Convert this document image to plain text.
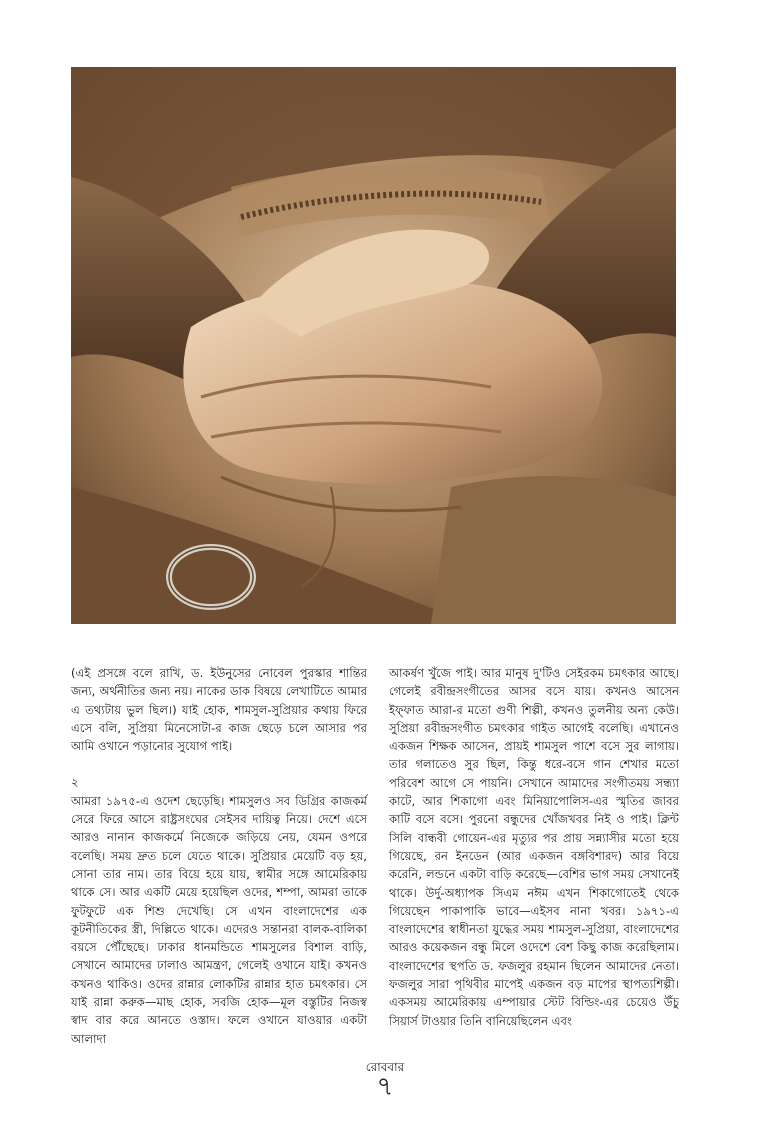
(এই প্রসঙ্গে বলে রাখি, ড. ইউনুসের নোবেল পুরস্কার শান্তির জন্য, অর্থনীতির জন্য নয়। নাকের ডাক বিষয়ে লেখাটিতে আমার এ তথ্যটায় ভুল ছিল।) যাই হোক, শামসুল-সুপ্রিয়ার কথায় ফিরে এসে বলি, সুপ্রিয়া মিনেসোটা-র কাজ ছেড়ে চলে আসার পর আমি ওখানে পড়ানোর সুযোগ পাই।

২

আমরা ১৯৭৫-এ ওদেশ ছেড়েছি। শামসুলও সব ডিগ্রির কাজকর্ম সেরে ফিরে আসে রাষ্ট্রসংঘের সেইসব দায়িত্ব নিয়ে। দেশে এসে আরও নানান কাজকর্মে নিজেকে জড়িয়ে নেয়, যেমন ওপরে বলেছি। সময় দ্রুত চলে যেতে থাকে। সুপ্রিয়ার মেয়েটি বড় হয়, সোনা তার নাম। তার বিয়ে হয়ে যায়, স্বামীর সঙ্গে আমেরিকায় থাকে সে। আর একটি মেয়ে হয়েছিল ওদের, শম্পা, আমরা তাকে ফুটফুটে এক শিশু দেখেছি। সে এখন বাংলাদেশের এক কূটনীতিকের স্ত্রী, দিল্লিতে থাকে। এদেরও সন্তানরা বালক-বালিকা বয়সে পৌঁছেছে। ঢাকার ধানমন্ডিতে শামসুলের বিশাল বাড়ি, সেখানে আমাদের ঢালাও আমন্ত্রণ, গেলেই ওখানে যাই। কখনও কখনও থাকিও। ওদের রান্নার লোকটির রান্নার হাত চমৎকার। সে যাই রান্না করুক—মাছ হোক, সবজি হোক—মূল বস্তুটির নিজস্ব স্বাদ বার করে আনতে ওস্তাদ। ফলে ওখানে যাওয়ার একটা আলাদা

আকর্ষণ খুঁজে পাই। আর মানুষ দু'টিও সেইরকম চমৎকার আছে। গেলেই রবীন্দ্রসংগীতের আসর বসে যায়। কখনও আসেন ইফ্ফাত আরা-র মতো গুণী শিল্পী, কখনও তুলনীয় অন্য কেউ। সুপ্রিয়া রবীন্দ্রসংগীত চমৎকার গাইত আগেই বলেছি। এখানেও একজন শিক্ষক আসেন, প্রায়ই শামসুল পাশে বসে সুর লাগায়। তার গলাতেও সুর ছিল, কিন্তু ধরে-বসে গান শেখার মতো পরিবেশ আগে সে পায়নি। সেখানে আমাদের সংগীতময় সন্ধ্যা কাটে, আর শিকাগো এবং মিনিয়াপোলিস-এর স্মৃতির জাবর কাটি বসে বসে। পুরনো বন্ধুদের খোঁজখবর নিই ও পাই। ক্লিন্ট সিলি বান্ধবী গোয়েন-এর মৃত্যুর পর প্রায় সন্ন্যাসীর মতো হয়ে গিয়েছে, রন ইনডেন (আর একজন বঙ্গবিশারদ) আর বিয়ে করেনি, লন্ডনে একটা বাড়ি করেছে—বেশির ভাগ সময় সেখানেই থাকে। উর্দু-অধ্যাপক সিএম নঈম এখন শিকাগোতেই থেকে গিয়েছেন পাকাপাকি ভাবে—এইসব নানা খবর। ১৯৭১-এ বাংলাদেশের স্বাধীনতা যুদ্ধের সময় শামসুল-সুপ্রিয়া, বাংলাদেশের আরও কয়েকজন বন্ধু মিলে ওদেশে বেশ কিছু কাজ করেছিলাম। বাংলাদেশের স্থপতি ড. ফজলুর রহমান ছিলেন আমাদের নেতা। ফজলুর সারা পৃথিবীর মাপেই একজন বড় মাপের স্থাপত্যশিল্পী। একসময় আমেরিকায় এম্পায়ার স্টেট বিল্ডিং-এর চেয়েও উঁচু সিয়ার্স টাওয়ার তিনি বানিয়েছিলেন এবং

রোববার
৭
